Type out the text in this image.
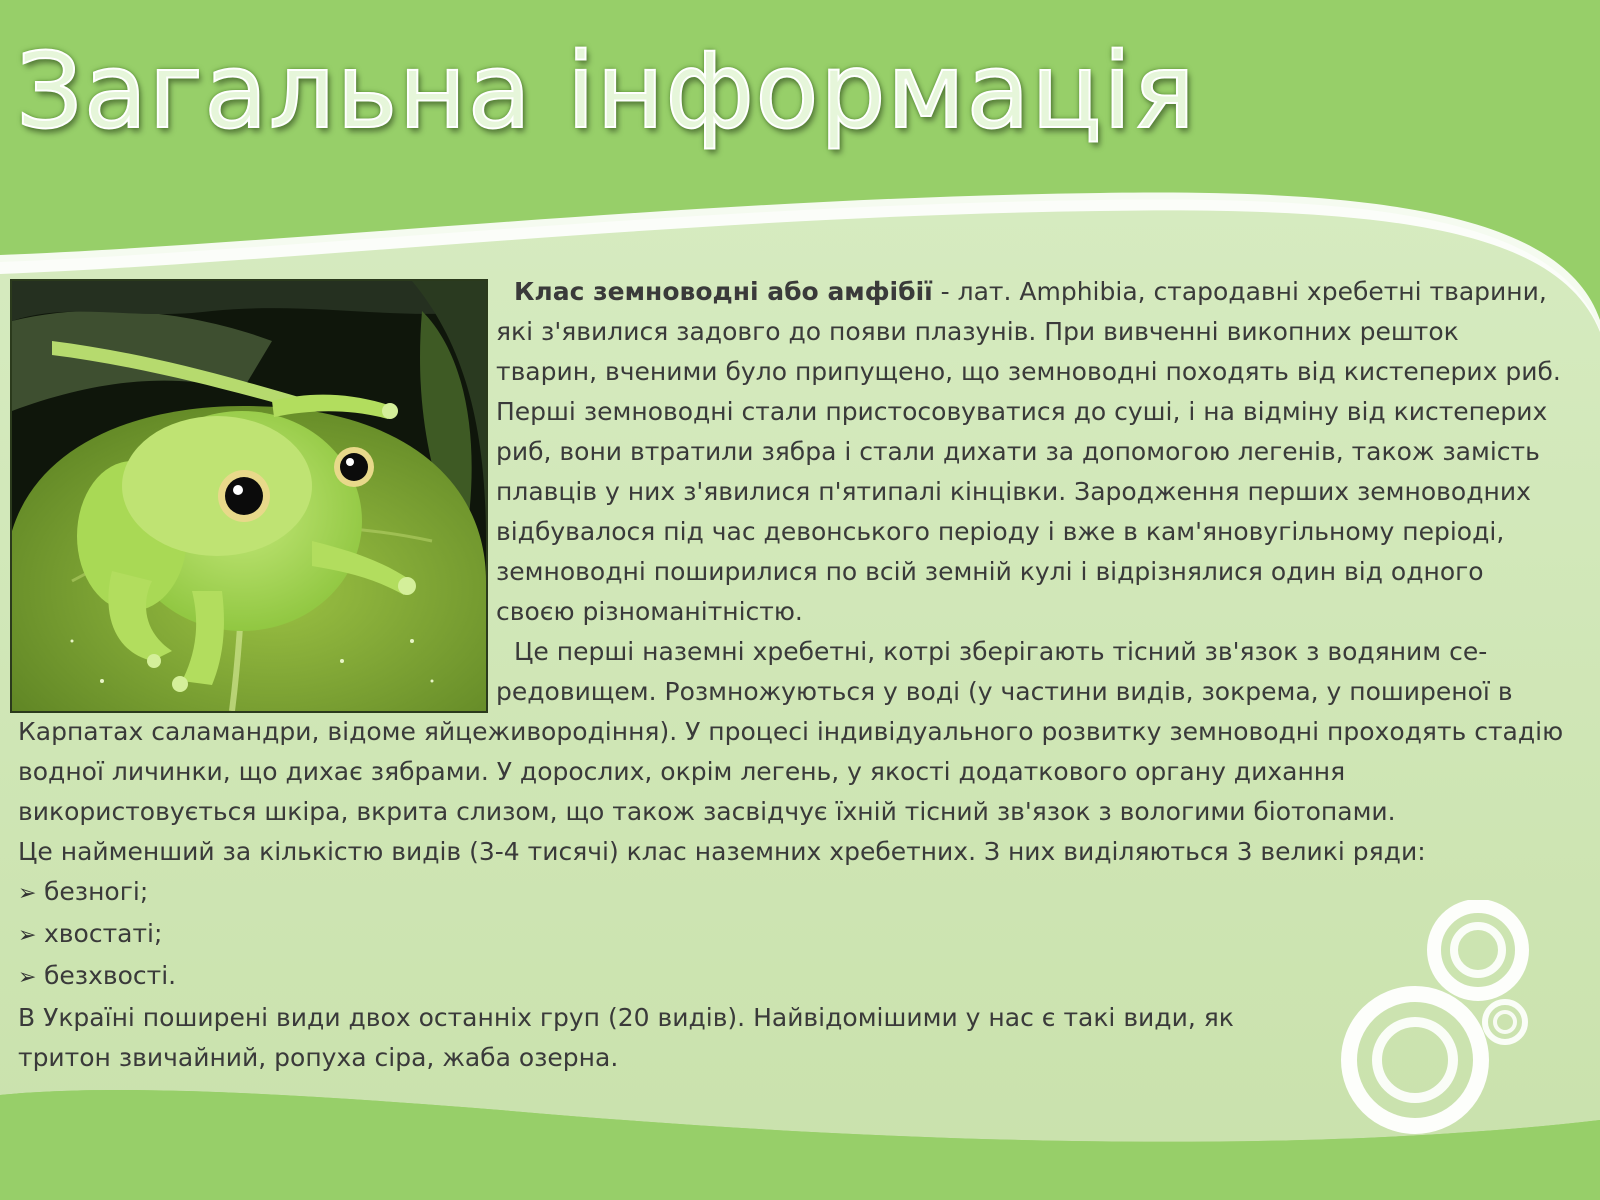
Загальна інформація

Клас земноводні або амфібії - лат. Amphibia, стародавні хребетні тварини, які з'явилися задовго до появи плазунів. При вивченні викопних решток тварин, вченими було припущено, що земноводні походять від кистеперих риб. Перші земноводні стали пристосовуватися до суші, і на відміну від кистеперих риб, вони втратили зябра і стали дихати за допомогою легенів, також замість плавців у них з'явилися п'ятипалі кінцівки. Зародження перших земноводних відбувалося під час девонського періоду і вже в кам'яновугільному періоді, земноводні поширилися по всій земній кулі і відрізнялися один від одного своєю різноманітністю.

Це перші наземні хребетні, котрі зберігають тісний зв'язок з водяним середовищем. Розмножуються у воді (у частини видів, зокрема, у поширеної в Карпатах саламандри, відоме яйцеживородіння). У процесі індивідуального розвитку земноводні проходять стадію водної личинки, що дихає зябрами. У дорослих, окрім легень, у якості додаткового органу дихання використовується шкіра, вкрита слизом, що також засвідчує їхній тісний зв'язок з вологими біотопами.

Це найменший за кількістю видів (3-4 тисячі) клас наземних хребетних. З них виділяються 3 великі ряди:

➢ безногі;
➢ хвостаті;
➢ безхвості.

В Україні поширені види двох останніх груп (20 видів). Найвідомішими у нас є такі види, як

тритон звичайний, ропуха сіра, жаба озерна.
